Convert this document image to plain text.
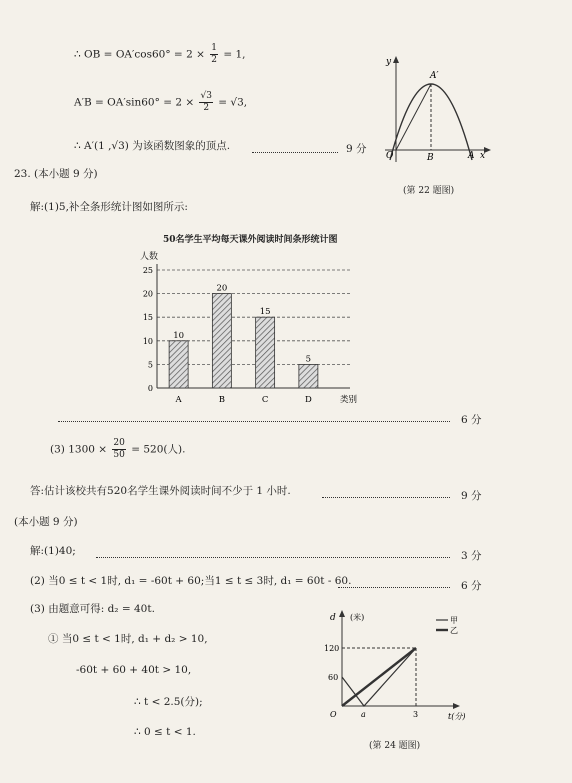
∴ OB = $OA'\cos 60^\circ = 2 \times \frac{1}{2} = 1$,
$A'B = OA'\sin 60^\circ = 2 \times \frac{√3}{2} = √3$,
∴ A′(1 ,√3) 为该函数图象的顶点.	9 分
y
A′
O	B	A x
(第 22 题图)
23. (本小题 9 分)
解:(1)5,补全条形统计图如图所示:
50名学生平均每天课外阅读时间条形统计图
人数
0
5
10
15
20
25
10
A
20
B
15
C
5
D	类别
6 分
(3) $1300 \times \frac{20}{50} = 520$(人).
答:估计该校共有520名学生课外阅读时间不少于 1 小时.	9 分
(本小题 9 分)
解:(1)40;	3 分
(2) 当0 ≤ t < 1时, d₁ = -60t + 60;当1 ≤ t ≤ 3时, d₁ = 60t - 60.	6 分
(3) 由题意可得: d₂ = 40t.
① 当0 ≤ t < 1时, d₁ + d₂ > 10,
-60t + 60 + 40t > 10,
∴ t < 2.5(分);
∴ 0 ≤ t < 1.
甲
乙
d (米)
120
60
O	a	3	t(分)
(第 24 题图)
